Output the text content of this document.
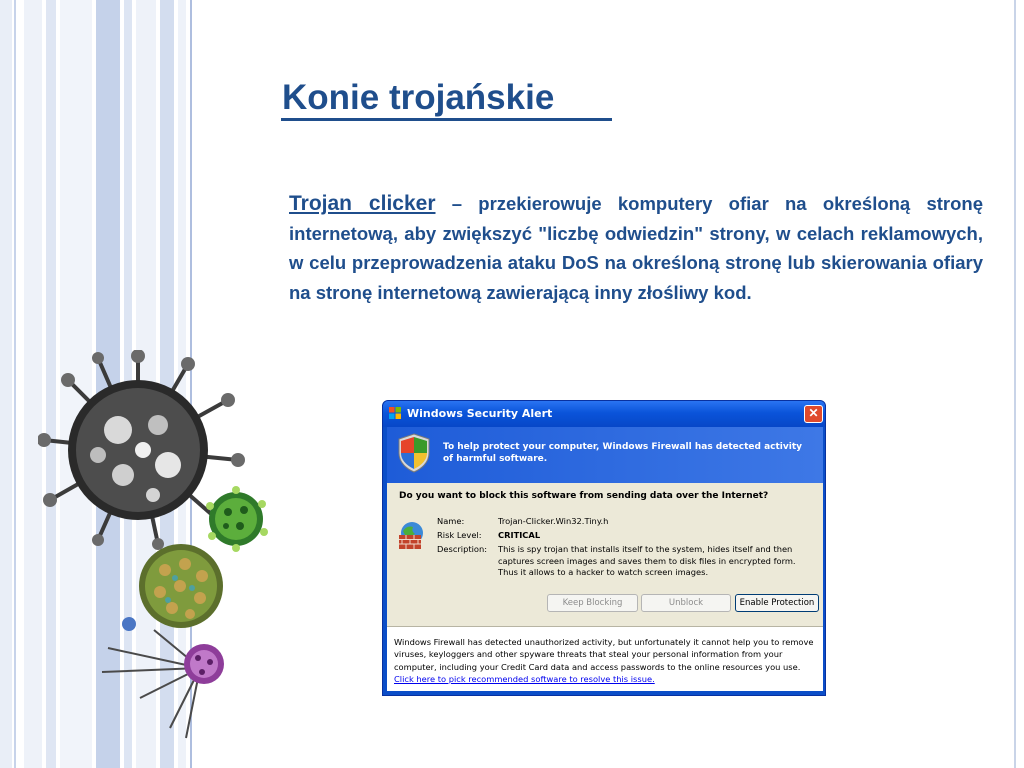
Konie trojańskie

Trojan clicker – przekierowuje komputery ofiar na określoną stronę internetową, aby zwiększyć "liczbę odwiedzin" strony, w celach reklamowych, w celu przeprowadzenia ataku DoS na określoną stronę lub skierowania ofiary na stronę internetową zawierającą inny złośliwy kod.

Windows Security Alert	✕
To help protect your computer, Windows Firewall has detected activity of harmful software.
Do you want to block this software from sending data over the Internet?
Name:	Trojan-Clicker.Win32.Tiny.h
Risk Level: CRITICAL
Description: This is spy trojan that installs itself to the system, hides itself and then captures screen images and saves them to disk files in encrypted form. Thus it allows to a hacker to watch screen images.
Keep Blocking	Unblock	Enable Protection
Windows Firewall has detected unauthorized activity, but unfortunately it cannot help you to remove viruses, keyloggers and other spyware threats that steal your personal information from your computer, including your Credit Card data and access passwords to the online resources you use. Click here to pick recommended software to resolve this issue.
